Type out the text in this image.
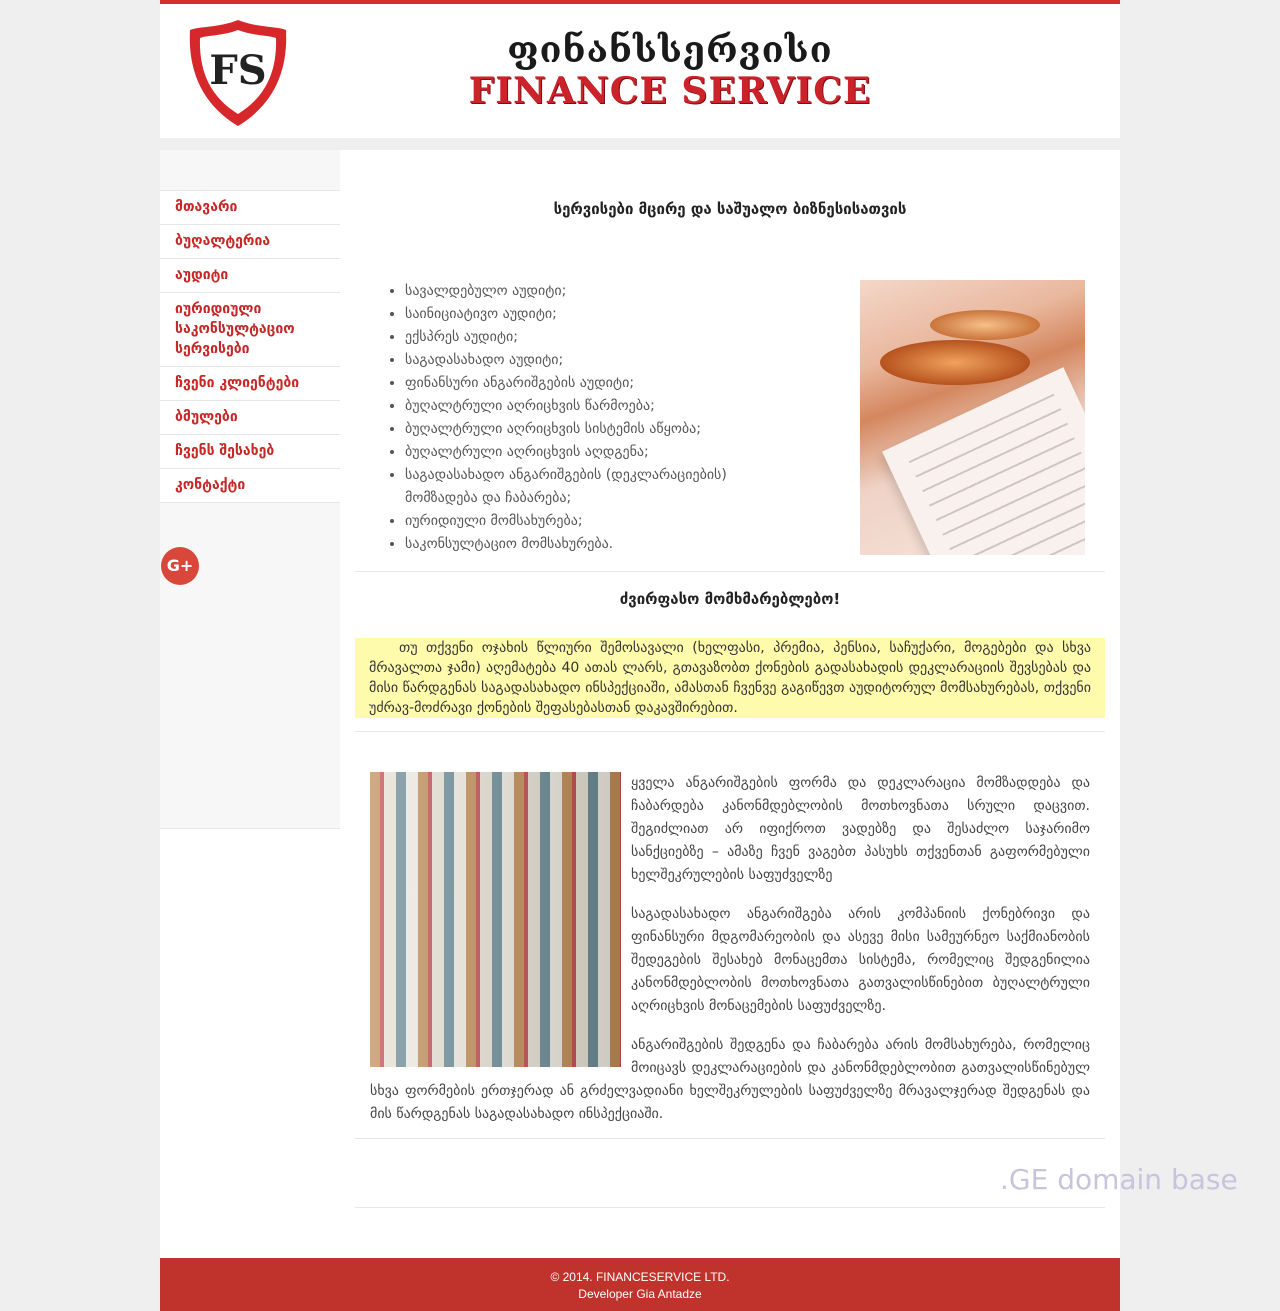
FS	ფინანსსერვისი
FINANCE SERVICE
მთავარი
ბუღალტერია
აუდიტი
იურიდიული საკონსულტაციო სერვისები
ჩვენი კლიენტები
ბმულები
ჩვენს შესახებ
კონტაქტი
G+
სერვისები მცირე და საშუალო ბიზნესისათვის
• სავალდებულო აუდიტი;
• საინიციატივო აუდიტი;
• ექსპრეს აუდიტი;
• საგადასახადო აუდიტი;
• ფინანსური ანგარიშგების აუდიტი;
• ბუღალტრული აღრიცხვის წარმოება;
• ბუღალტრული აღრიცხვის სისტემის აწყობა;
• ბუღალტრული აღრიცხვის აღდგენა;
• საგადასახადო ანგარიშგების (დეკლარაციების) მომზადება და ჩაბარება;
• იურიდიული მომსახურება;
• საკონსულტაციო მომსახურება.
ძვირფასო მომხმარებლებო!
თუ თქვენი ოჯახის წლიური შემოსავალი (ხელფასი, პრემია, პენსია, საჩუქარი, მოგებები და სხვა მრავალთა ჯამი) აღემატება 40 ათას ლარს, გთავაზობთ ქონების გადასახადის დეკლარაციის შევსებას და მისი წარდგენას საგადასახადო ინსპექციაში, ამასთან ჩვენვე გაგიწევთ აუდიტორულ მომსახურებას, თქვენი უძრავ-მოძრავი ქონების შეფასებასთან დაკავშირებით.

ყველა ანგარიშგების ფორმა და დეკლარაცია მომზადდება და ჩაბარდება კანონმდებლობის მოთხოვნათა სრული დაცვით. შეგიძლიათ არ იფიქროთ ვადებზე და შესაძლო საჯარიმო სანქციებზე – ამაზე ჩვენ ვაგებთ პასუხს თქვენთან გაფორმებული ხელშეკრულების საფუძველზე

საგადასახადო ანგარიშგება არის კომპანიის ქონებრივი და ფინანსური მდგომარეობის და ასევე მისი სამეურნეო საქმიანობის შედეგების შესახებ მონაცემთა სისტემა, რომელიც შედგენილია კანონმდებლობის მოთხოვნათა გათვალისწინებით ბუღალტრული აღრიცხვის მონაცემების საფუძველზე.

ანგარიშგების შედგენა და ჩაბარება არის მომსახურება, რომელიც მოიცავს დეკლარაციების და კანონმდებლობით გათვალისწინებულ სხვა ფორმების ერთჯერად ან გრძელვადიანი ხელშეკრულების საფუძველზე მრავალჯერად შედგენას და მის წარდგენას საგადასახადო ინსპექციაში.

.GE domain base
© 2014. FINANCESERVICE LTD.
Developer Gia Antadze
